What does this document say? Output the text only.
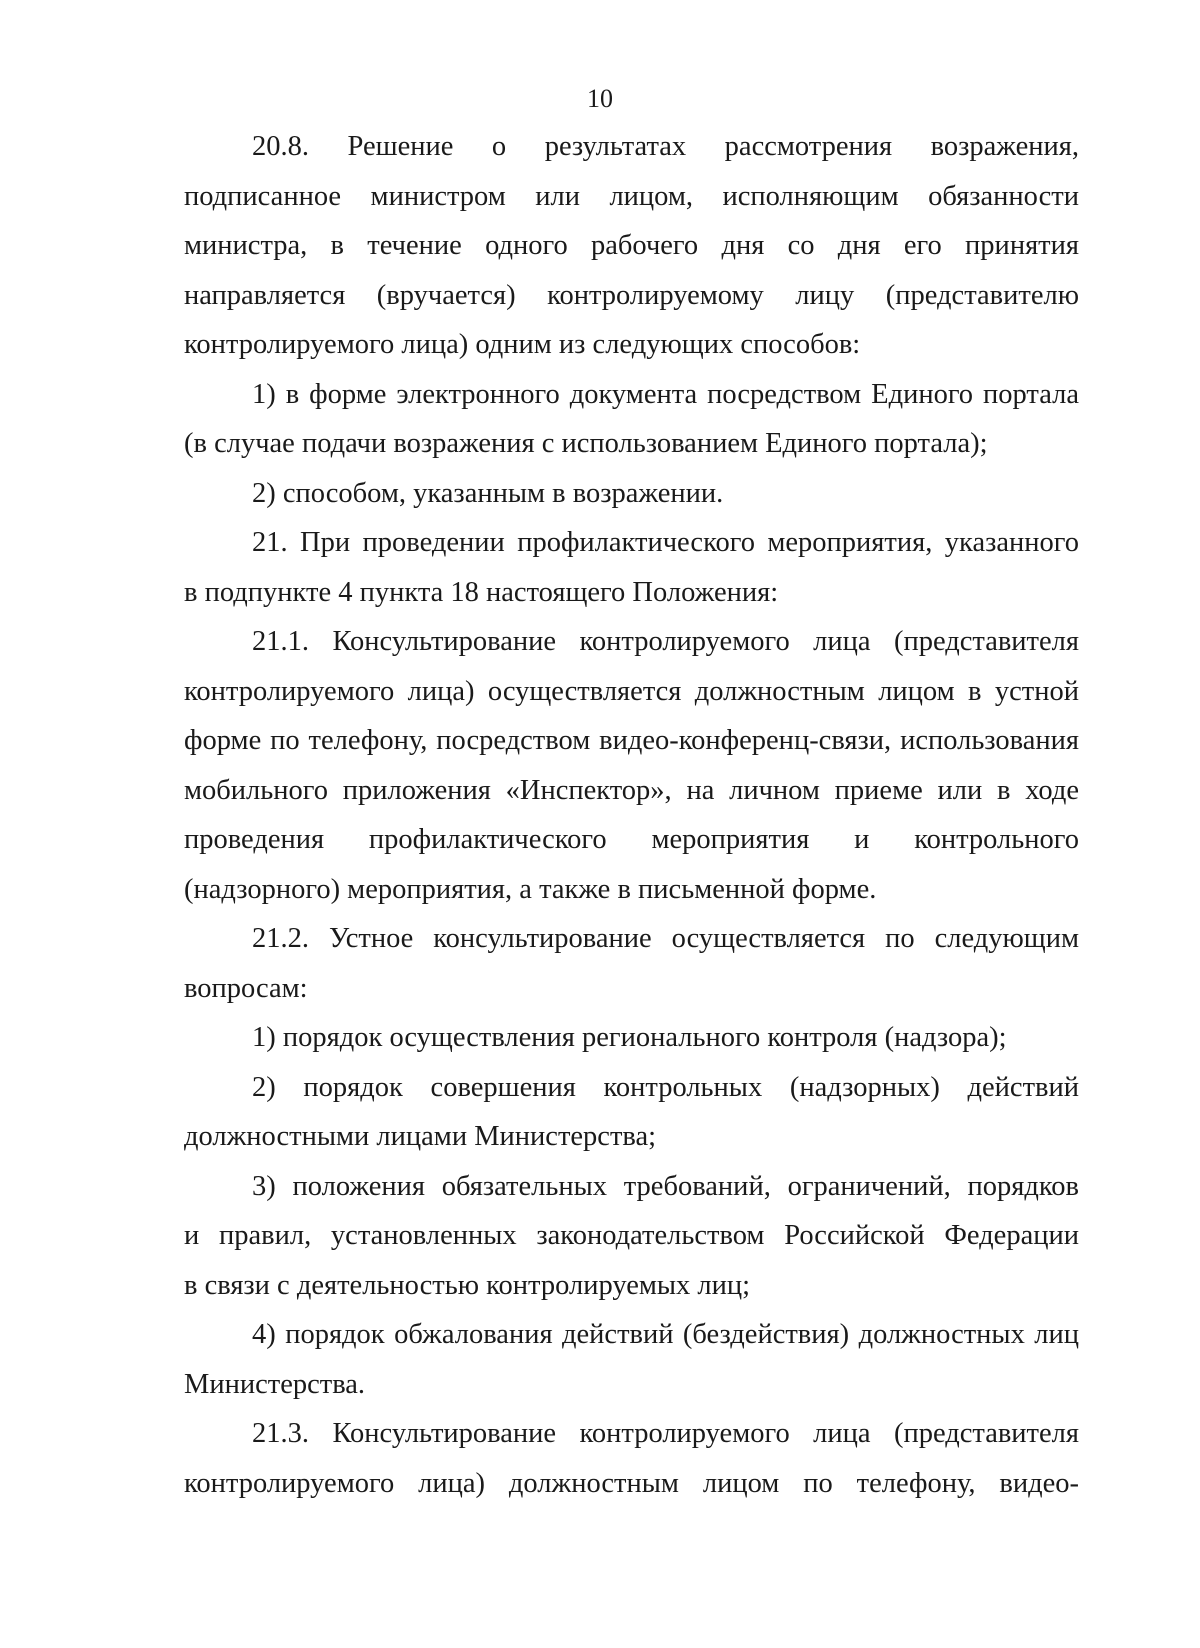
10
20.8. Решение о результатах рассмотрения возражения,
подписанное министром или лицом, исполняющим обязанности
министра, в течение одного рабочего дня со дня его принятия
направляется (вручается) контролируемому лицу (представителю
контролируемого лица) одним из следующих способов:
1) в форме электронного документа посредством Единого портала
(в случае подачи возражения с использованием Единого портала);
2) способом, указанным в возражении.
21. При проведении профилактического мероприятия, указанного
в подпункте 4 пункта 18 настоящего Положения:
21.1. Консультирование контролируемого лица (представителя
контролируемого лица) осуществляется должностным лицом в устной
форме по телефону, посредством видео-конференц-связи, использования
мобильного приложения «Инспектор», на личном приеме или в ходе
проведения профилактического мероприятия и контрольного
(надзорного) мероприятия, а также в письменной форме.
21.2. Устное консультирование осуществляется по следующим
вопросам:
1) порядок осуществления регионального контроля (надзора);
2) порядок совершения контрольных (надзорных) действий
должностными лицами Министерства;
3) положения обязательных требований, ограничений, порядков
и правил, установленных законодательством Российской Федерации
в связи с деятельностью контролируемых лиц;
4) порядок обжалования действий (бездействия) должностных лиц
Министерства.
21.3. Консультирование контролируемого лица (представителя
контролируемого лица) должностным лицом по телефону, видео-
